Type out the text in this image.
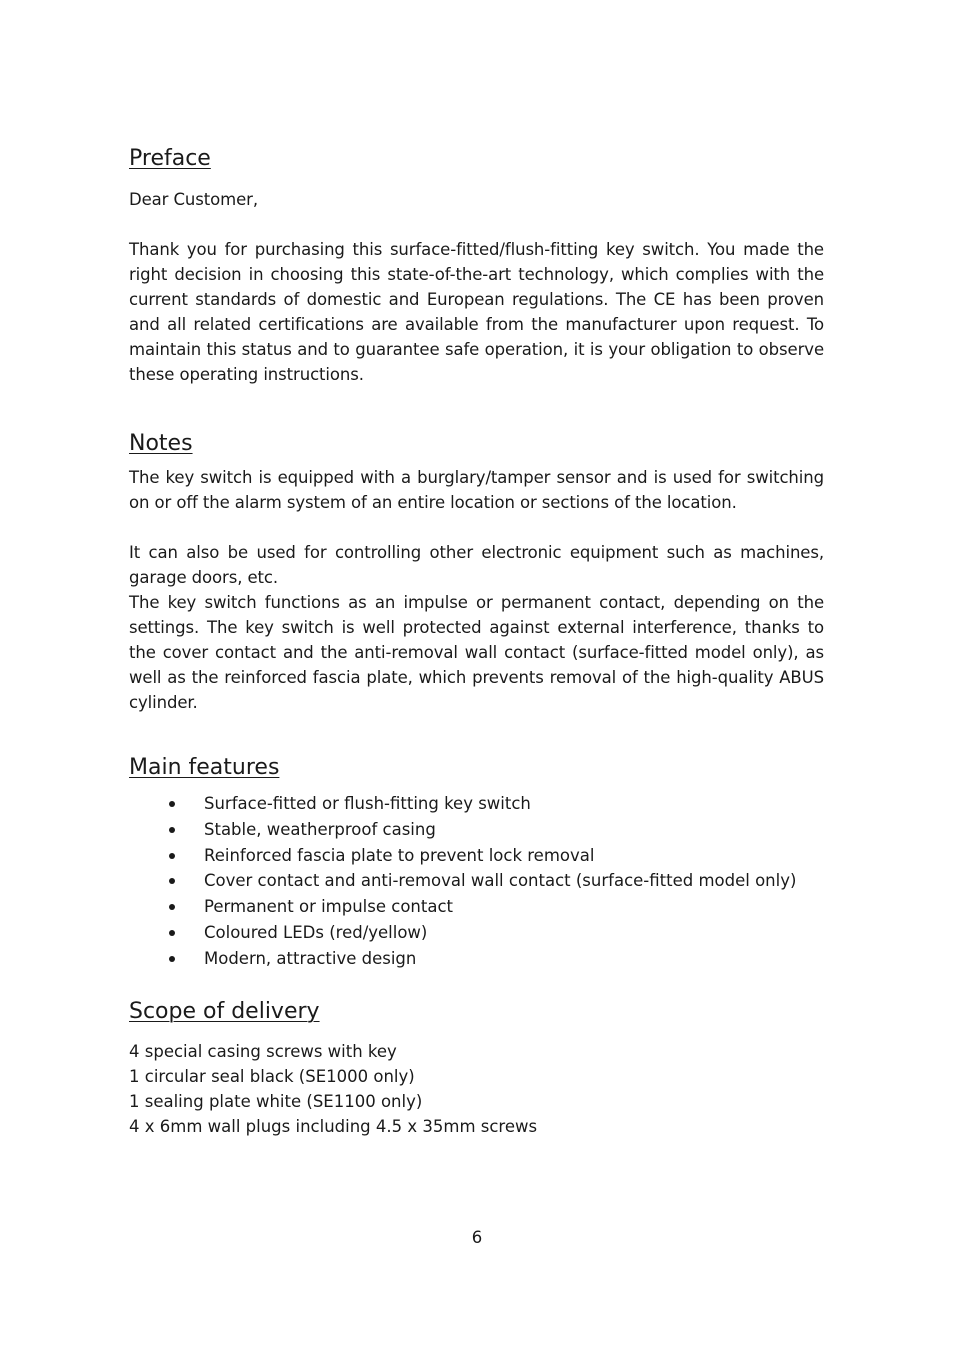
Preface

Dear Customer,

Thank you for purchasing this surface-fitted/flush-fitting key switch. You made the right decision in choosing this state-of-the-art technology, which complies with the current standards of domestic and European regulations. The CE has been proven and all related certifications are available from the manufacturer upon request. To maintain this status and to guarantee safe operation, it is your obligation to observe these operating instructions.

Notes

The key switch is equipped with a burglary/tamper sensor and is used for switching on or off the alarm system of an entire location or sections of the location.

It can also be used for controlling other electronic equipment such as machines, garage doors, etc.

The key switch functions as an impulse or permanent contact, depending on the settings. The key switch is well protected against external interference, thanks to the cover contact and the anti-removal wall contact (surface-fitted model only), as well as the reinforced fascia plate, which prevents removal of the high-quality ABUS cylinder.

Main features
Surface-fitted or flush-fitting key switch
Stable, weatherproof casing
Reinforced fascia plate to prevent lock removal
Cover contact and anti-removal wall contact (surface-fitted model only)
Permanent or impulse contact
Coloured LEDs (red/yellow)
Modern, attractive design
Scope of delivery
4 special casing screws with key
1 circular seal black (SE1000 only)
1 sealing plate white (SE1100 only)
4 x 6mm wall plugs including 4.5 x 35mm screws
6
